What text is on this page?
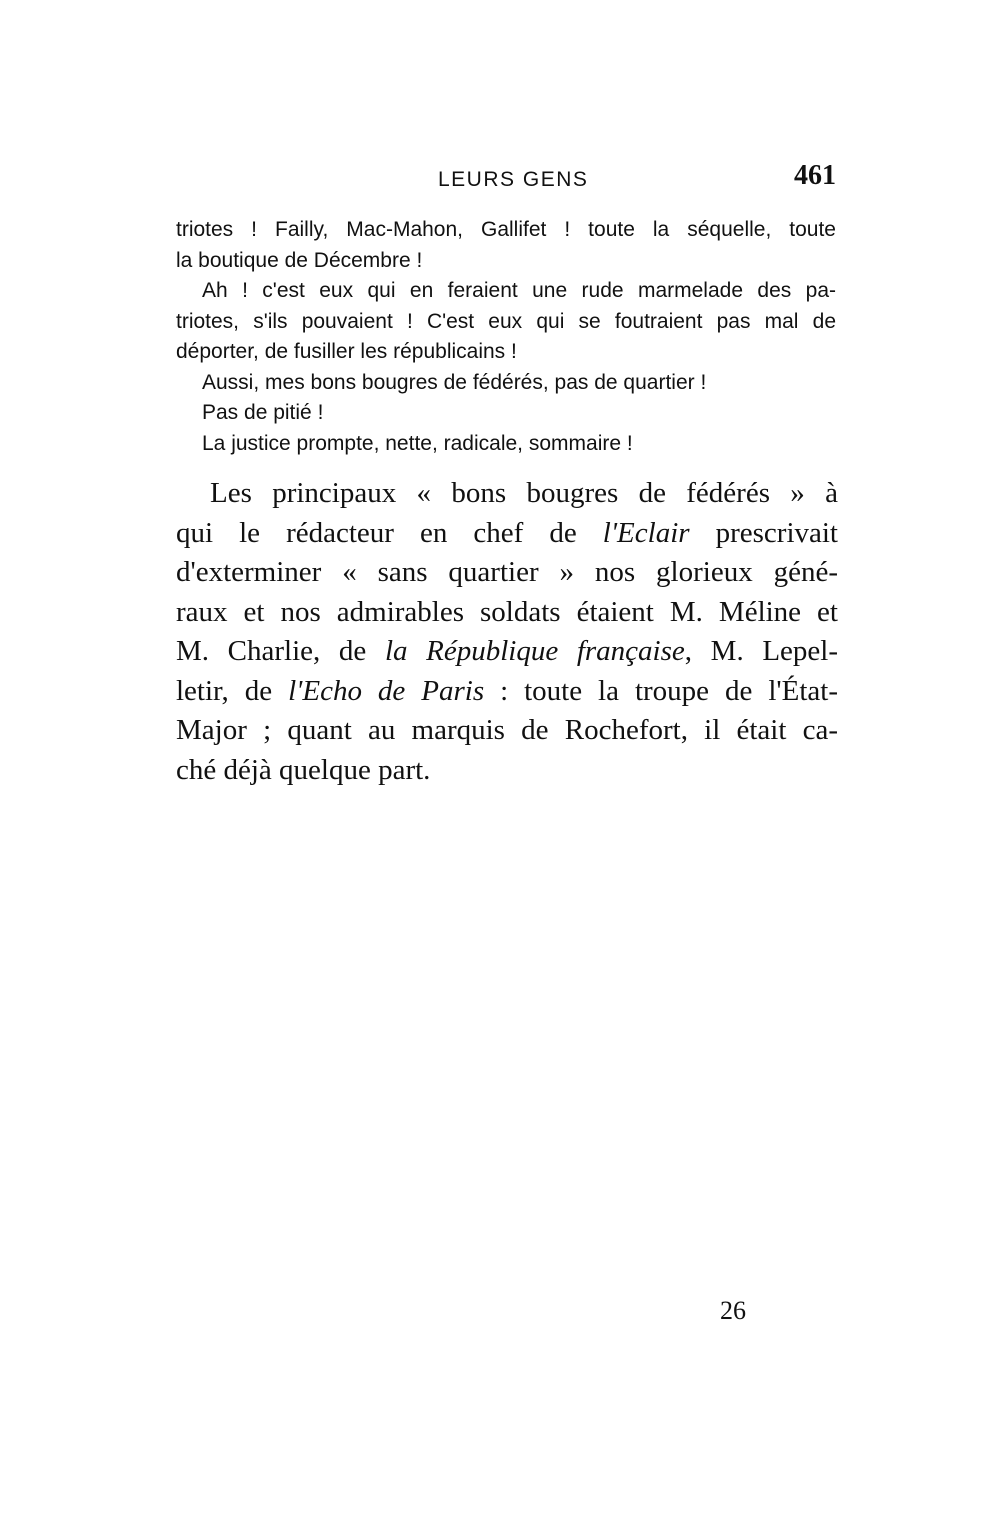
LEURS GENS	461
triotes ! Failly, Mac-Mahon, Gallifet ! toute la séquelle, toute
la boutique de Décembre !
Ah ! c'est eux qui en feraient une rude marmelade des pa-
triotes, s'ils pouvaient ! C'est eux qui se foutraient pas mal de
déporter, de fusiller les républicains !
Aussi, mes bons bougres de fédérés, pas de quartier !
Pas de pitié !
La justice prompte, nette, radicale, sommaire !
Les principaux « bons bougres de fédérés » à
qui le rédacteur en chef de l'Eclair prescrivait
d'exterminer « sans quartier » nos glorieux géné-
raux et nos admirables soldats étaient M. Méline et
M. Charlie, de la République française, M. Lepel-
letir, de l'Echo de Paris : toute la troupe de l'État-
Major ; quant au marquis de Rochefort, il était ca-
ché déjà quelque part.
26
